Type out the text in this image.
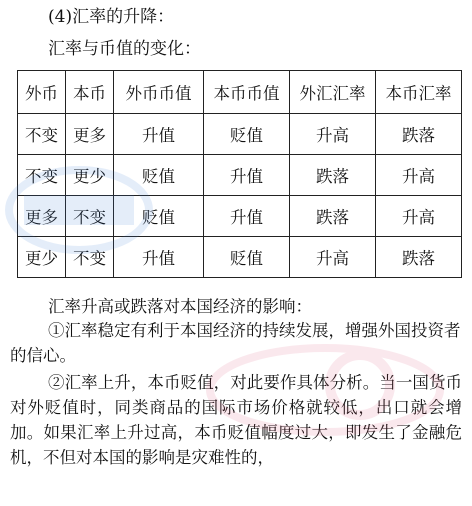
(4)汇率的升降：
汇率与币值的变化：
外币	本币	外币币值	本币币值	外汇汇率	本币汇率
不变	更多	升值	贬值	升高	跌落
不变	更少	贬值	升值	跌落	升高
更多	不变	贬值	升值	跌落	升高
更少	不变	升值	贬值	升高	跌落
汇率升高或跌落对本国经济的影响：
①汇率稳定有利于本国经济的持续发展，增强外国投资者的信心。
②汇率上升，本币贬值，对此要作具体分析。当一国货币对外贬值时，同类商品的国际市场价格就较低，出口就会增加。如果汇率上升过高，本币贬值幅度过大，即发生了金融危机，不但对本国的影响是灾难性的，
